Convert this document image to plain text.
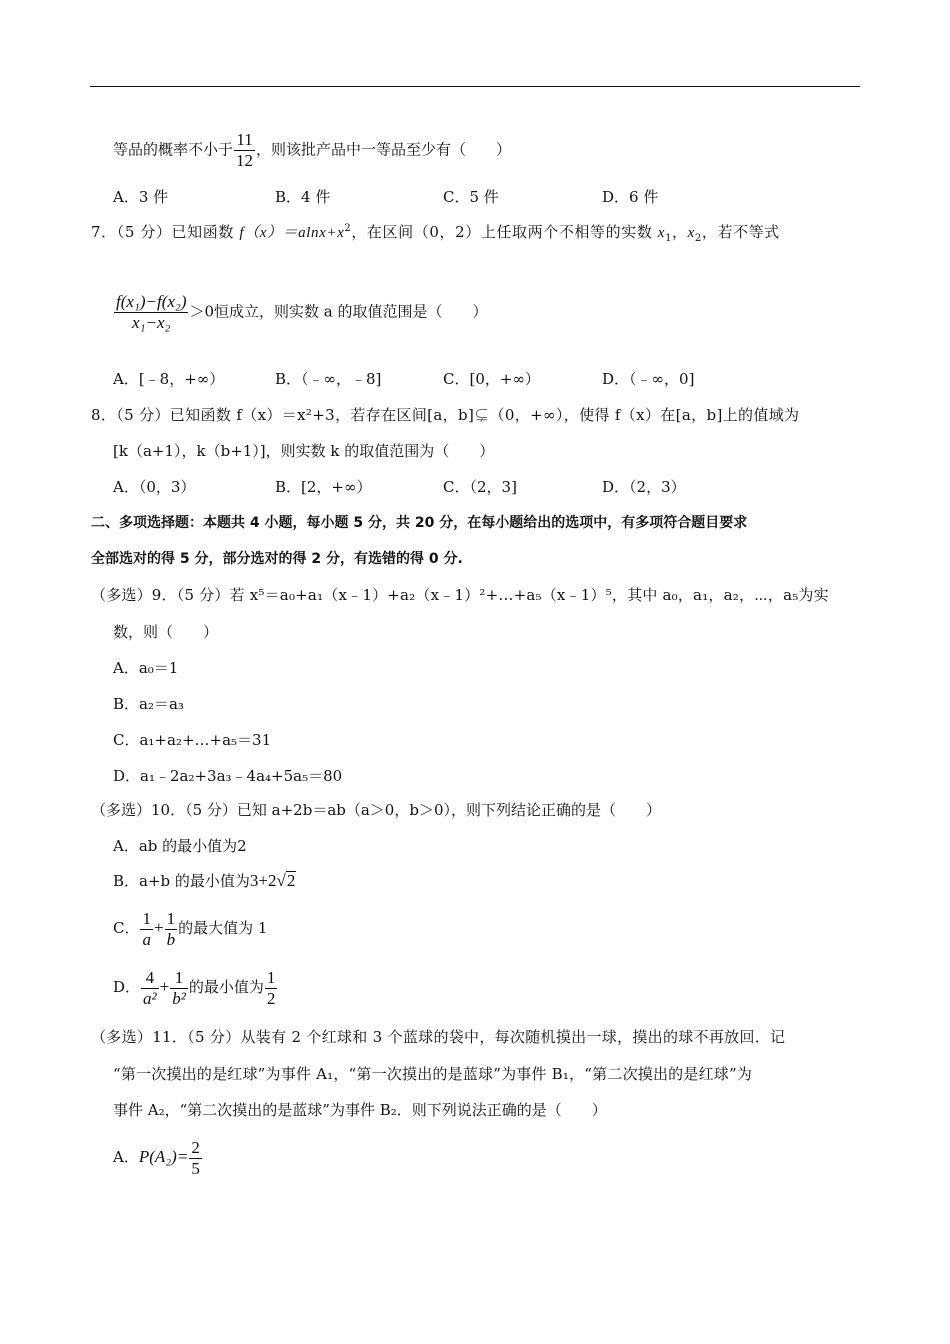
等品的概率不小于 $\frac{11}{12}$ ，则该批产品中一等品至少有（　　）
A．3 件	B．4 件	C．5 件	D．6 件
7．（5 分）已知函数 $f(x)=alnx+x^2$，在区间（0，2）上任取两个不相等的实数 $x_1$，$x_2$，若不等式
$\frac{\text{f(x₁)−f(x₂)}}{\text{x₁−x₂}} >0$恒成立，则实数 a 的取值范围是（　　）
A．[﹣8，+∞）	B．（﹣∞，﹣8]	C．[0，+∞）	D．（﹣∞，0]
8．（5 分）已知函数 f（x）＝x²+3，若存在区间[a，b]⊊（0，+∞），使得 f（x）在[a，b]上的值域为
[k（a+1），k（b+1）]，则实数 k 的取值范围为（　　）
A．（0，3）	B．[2，+∞）	C．（2，3]	D．（2，3）
二、多项选择题：本题共 4 小题，每小题 5 分，共 20 分，在每小题给出的选项中，有多项符合题目要求
全部选对的得 5 分，部分选对的得 2 分，有选错的得 0 分.
（多选）9．（5 分）若 x⁵＝a₀+a₁（x﹣1）+a₂（x﹣1）²+…+a₅（x﹣1）⁵，其中 a₀，a₁，a₂，⋯，a₅为实
数，则（　　）
A．a₀＝1
B．a₂＝a₃
C．a₁+a₂+…+a₅＝31
D．a₁﹣2a₂+3a₃﹣4a₄+5a₅＝80
（多选）10．（5 分）已知 a+2b＝ab（a＞0，b＞0），则下列结论正确的是（　　）
A．ab 的最小值为2
B．a+b 的最小值为3+2√2
C． $\frac{1}{a} + \frac{1}{b}$ 的最大值为 1
D． $\frac{4}{\text{a²}} + \frac{1}{\text{b²}}$ 的最小值为 $\frac{1}{2}$
（多选）11．（5 分）从装有 2 个红球和 3 个蓝球的袋中，每次随机摸出一球，摸出的球不再放回．记
“第一次摸出的是红球”为事件 A₁，“第一次摸出的是蓝球”为事件 B₁，“第二次摸出的是红球”为
事件 A₂，“第二次摸出的是蓝球”为事件 B₂．则下列说法正确的是（　　）
A．$P(A_2)= \frac{2}{5}$
